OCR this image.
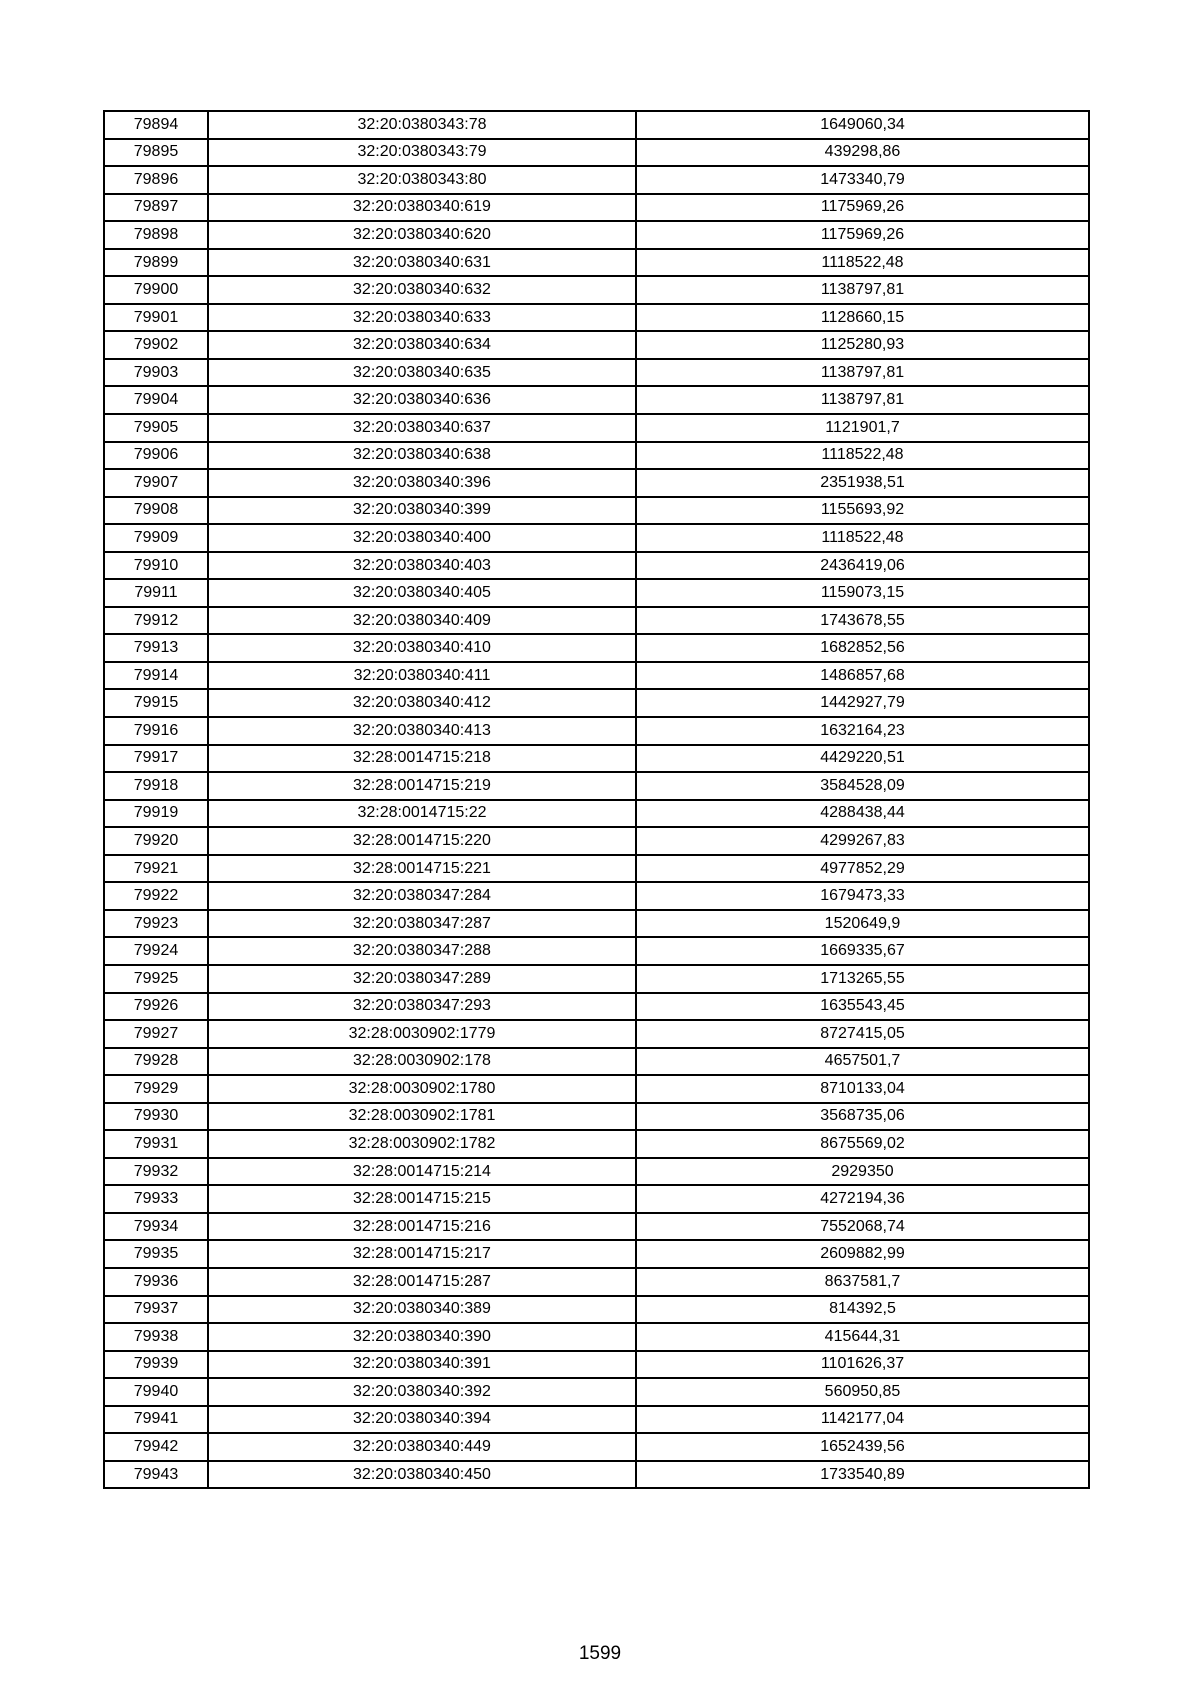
79894	32:20:0380343:78	1649060,34
79895	32:20:0380343:79	439298,86
79896	32:20:0380343:80	1473340,79
79897	32:20:0380340:619	1175969,26
79898	32:20:0380340:620	1175969,26
79899	32:20:0380340:631	1118522,48
79900	32:20:0380340:632	1138797,81
79901	32:20:0380340:633	1128660,15
79902	32:20:0380340:634	1125280,93
79903	32:20:0380340:635	1138797,81
79904	32:20:0380340:636	1138797,81
79905	32:20:0380340:637	1121901,7
79906	32:20:0380340:638	1118522,48
79907	32:20:0380340:396	2351938,51
79908	32:20:0380340:399	1155693,92
79909	32:20:0380340:400	1118522,48
79910	32:20:0380340:403	2436419,06
79911	32:20:0380340:405	1159073,15
79912	32:20:0380340:409	1743678,55
79913	32:20:0380340:410	1682852,56
79914	32:20:0380340:411	1486857,68
79915	32:20:0380340:412	1442927,79
79916	32:20:0380340:413	1632164,23
79917	32:28:0014715:218	4429220,51
79918	32:28:0014715:219	3584528,09
79919	32:28:0014715:22	4288438,44
79920	32:28:0014715:220	4299267,83
79921	32:28:0014715:221	4977852,29
79922	32:20:0380347:284	1679473,33
79923	32:20:0380347:287	1520649,9
79924	32:20:0380347:288	1669335,67
79925	32:20:0380347:289	1713265,55
79926	32:20:0380347:293	1635543,45
79927	32:28:0030902:1779	8727415,05
79928	32:28:0030902:178	4657501,7
79929	32:28:0030902:1780	8710133,04
79930	32:28:0030902:1781	3568735,06
79931	32:28:0030902:1782	8675569,02
79932	32:28:0014715:214	2929350
79933	32:28:0014715:215	4272194,36
79934	32:28:0014715:216	7552068,74
79935	32:28:0014715:217	2609882,99
79936	32:28:0014715:287	8637581,7
79937	32:20:0380340:389	814392,5
79938	32:20:0380340:390	415644,31
79939	32:20:0380340:391	1101626,37
79940	32:20:0380340:392	560950,85
79941	32:20:0380340:394	1142177,04
79942	32:20:0380340:449	1652439,56
79943	32:20:0380340:450	1733540,89
1599
